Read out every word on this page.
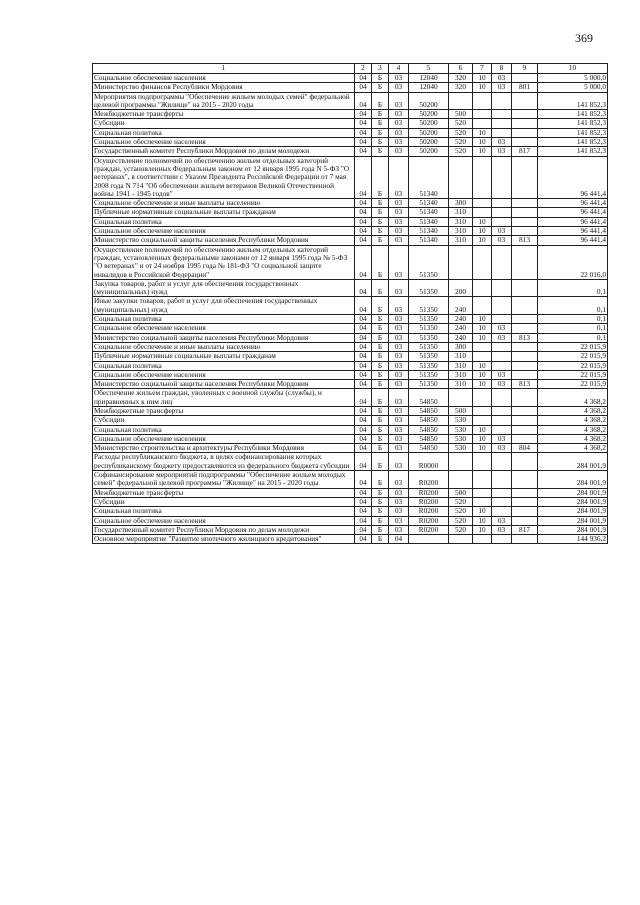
369
1	2	3	4	5	6	7	8	9	10
Социальное обеспечение населения	04	Б	03	12040	320	10	03		5 000,0
Министерство финансов Республики Мордовия	04	Б	03	12040	320	10	03	801	5 000,0
Мероприятия подпрограммы "Обеспечение жильем молодых семей" федеральной целевой программы "Жилище" на 2015 - 2020 годы	04	Б	03	50200					141 852,3
Межбюджетные трансферты	04	Б	03	50200	500				141 852,3
Субсидии	04	Б	03	50200	520				141 852,3
Социальная политика	04	Б	03	50200	520	10			141 852,3
Социальное обеспечение населения	04	Б	03	50200	520	10	03		141 852,3
Государственный комитет Республики Мордовия по делам молодежи	04	Б	03	50200	520	10	03	817	141 852,3
Осуществление полномочий по обеспечению жильем отдельных категорий граждан, установленных Федеральным законом от 12 января 1995 года N 5-ФЗ "О ветеранах", в соответствии с Указом Президента Российской Федерации от 7 мая 2008 года N 714 "Об обеспечении жильем ветеранов Великой Отечественной войны 1941 - 1945 годов"	04	Б	03	51340					96 441,4
Социальное обеспечение и иные выплаты населению	04	Б	03	51340	300				96 441,4
Публичные нормативные социальные выплаты гражданам	04	Б	03	51340	310				96 441,4
Социальная политика	04	Б	03	51340	310	10			96 441,4
Социальное обеспечение населения	04	Б	03	51340	310	10	03		96 441,4
Министерство социальной защиты населения Республики Мордовия	04	Б	03	51340	310	10	03	813	96 441,4
Осуществление полномочий по обеспечению жильем отдельных категорий граждан, установленных федеральными законами от 12 января 1995 года № 5-ФЗ "О ветеранах" и от 24 ноября 1995 года № 181-ФЗ "О социальной защите инвалидов в Российской Федерации"	04	Б	03	51350					22 016,0
Закупка товаров, работ и услуг для обеспечения государственных (муниципальных) нужд	04	Б	03	51350	200				0,1
Иные закупки товаров, работ и услуг для обеспечения государственных (муниципальных) нужд	04	Б	03	51350	240				0,1
Социальная политика	04	Б	03	51350	240	10			0,1
Социальное обеспечение населения	04	Б	03	51350	240	10	03		0,1
Министерство социальной защиты населения Республики Мордовия	04	Б	03	51350	240	10	03	813	0,1
Социальное обеспечение и иные выплаты населению	04	Б	03	51350	300				22 015,9
Публичные нормативные социальные выплаты гражданам	04	Б	03	51350	310				22 015,9
Социальная политика	04	Б	03	51350	310	10			22 015,9
Социальное обеспечение населения	04	Б	03	51350	310	10	03		22 015,9
Министерство социальной защиты населения Республики Мордовия	04	Б	03	51350	310	10	03	813	22 015,9
Обеспечение жильем граждан, уволенных с военной службы (службы), и приравненных к ним лиц	04	Б	03	54850					4 368,2
Межбюджетные трансферты	04	Б	03	54850	500				4 368,2
Субсидии	04	Б	03	54850	530				4 368,2
Социальная политика	04	Б	03	54850	530	10			4 368,2
Социальное обеспечение населения	04	Б	03	54850	530	10	03		4 368,2
Министерство строительства и архитектуры Республики Мордовия	04	Б	03	54850	530	10	03	804	4 368,2
Расходы республиканского бюджета, в целях софинансирования которых республиканскому бюджету предоставляются из федерального бюджета субсидии	04	Б	03	R0000					284 001,9
Софинансирование мероприятий подпрограммы "Обеспечение жильем молодых семей" федеральной целевой программы "Жилище" на 2015 - 2020 годы	04	Б	03	R0200					284 001,9
Межбюджетные трансферты	04	Б	03	R0200	500				284 001,9
Субсидии	04	Б	03	R0200	520				284 001,9
Социальная политика	04	Б	03	R0200	520	10			284 001,9
Социальное обеспечение населения	04	Б	03	R0200	520	10	03		284 001,9
Государственный комитет Республики Мордовия по делам молодежи	04	Б	03	R0200	520	10	03	817	284 001,9
Основное мероприятие "Развитие ипотечного жилищного кредитования"	04	Б	04						144 936,2
